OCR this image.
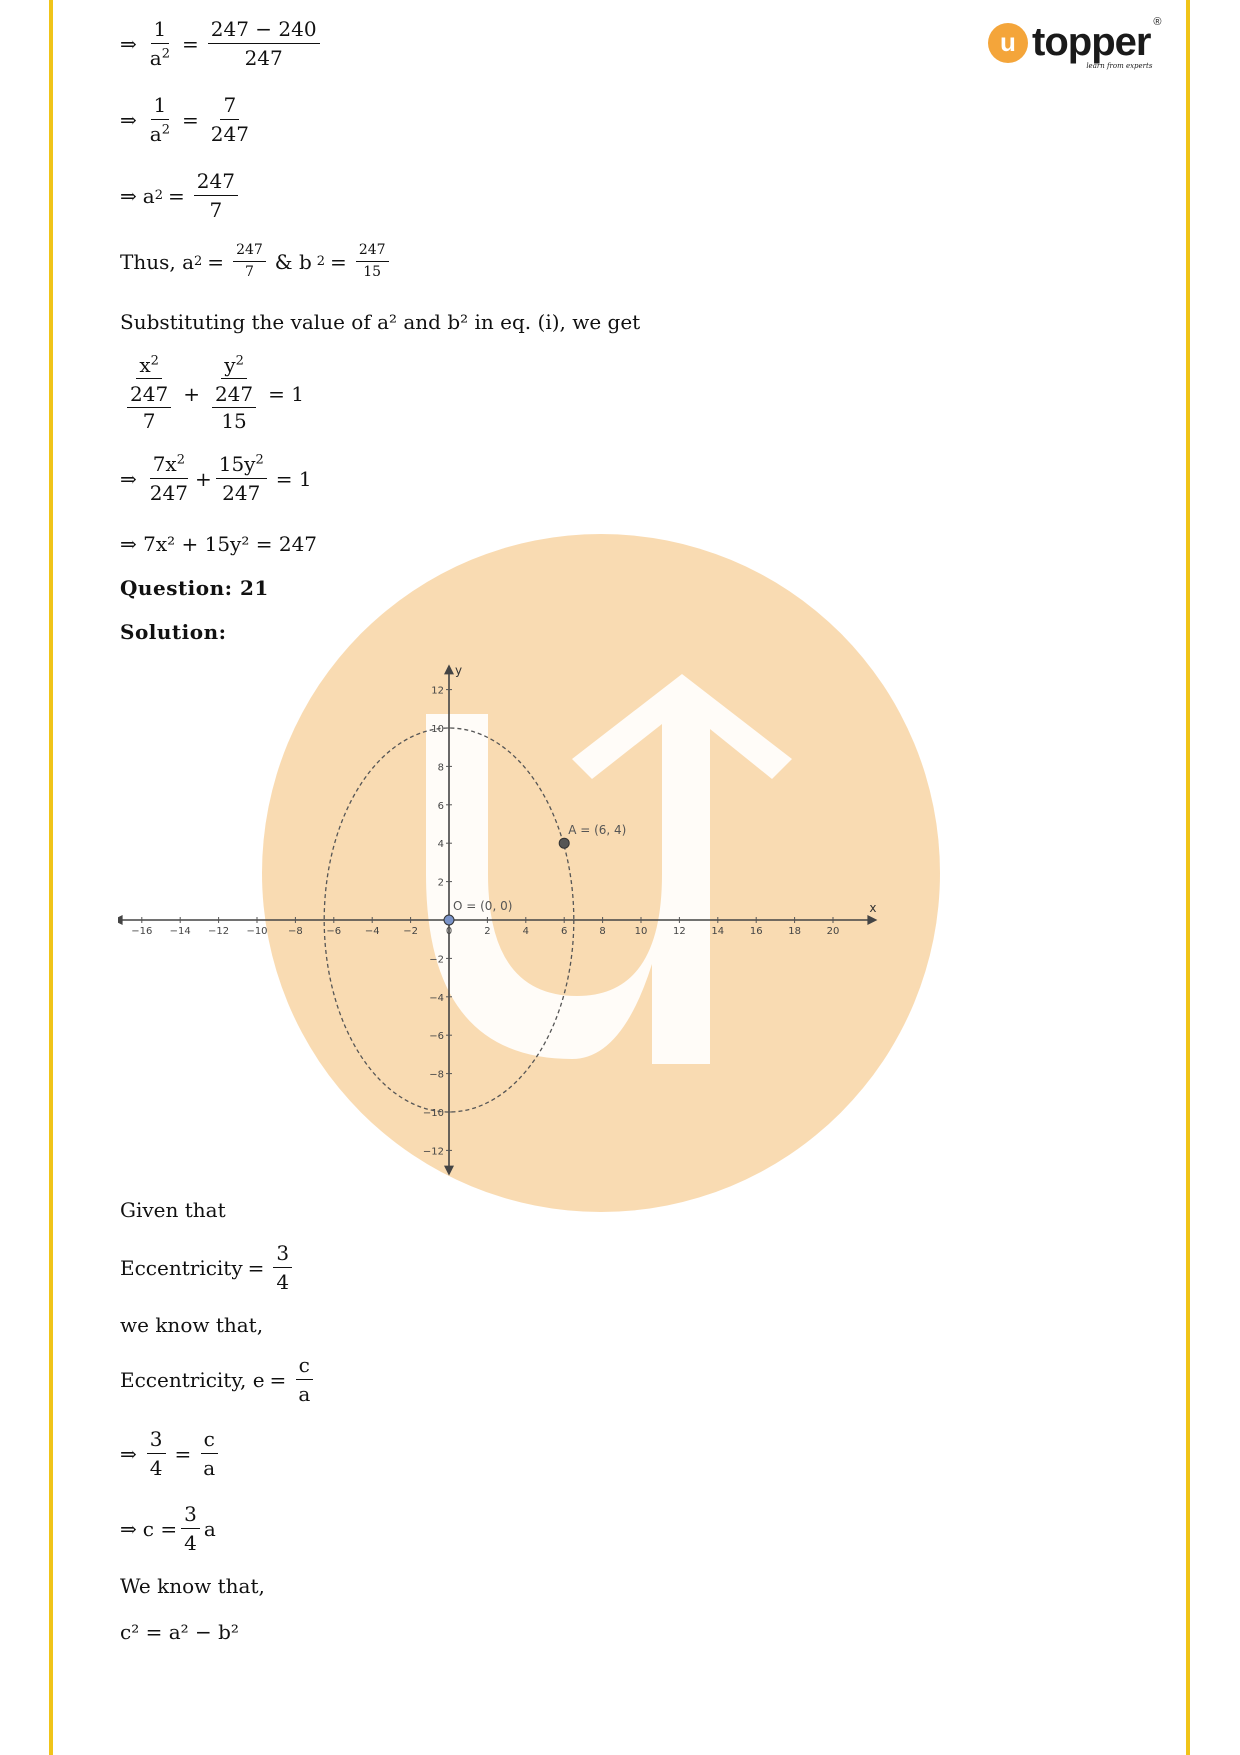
u topper ®
learn from experts
⇒ $\frac{1}{a^2} = \frac{247 - 240}{247}$
⇒ $\frac{1}{a^2} = \frac{7}{247}$
⇒ a $2 = \frac{247}{7}$
Thus, a $2 = \frac{247}{7}$ & b $2 = \frac{247}{15}$
Substituting the value of a² and b² in eq. (i), we get
$\frac{x^2}{\frac{247}{7}} + \frac{y^2}{\frac{247}{15}} = 1$
⇒ $\frac{7x^2}{247} + \frac{15y^2}{247} = 1$
⇒ 7x² + 15y² = 247
Question: 21
Solution:
Given that
Eccentricity = $\frac{3}{4}$
we know that,
Eccentricity, $e = \frac{c}{a}$
⇒ $\frac{3}{4} = \frac{c}{a}$
⇒ $c = \frac{3}{4}$ a
We know that,
c² = a² − b²
x
y
−16 −14 −12 −10 −8 −6 −4 −2	0	2	4	6	8	10	12	14	16	18	20
12
10
8
6
4
2
−2
−4
−6
−8
−10
−12
A = (6, 4)
O = (0, 0)
